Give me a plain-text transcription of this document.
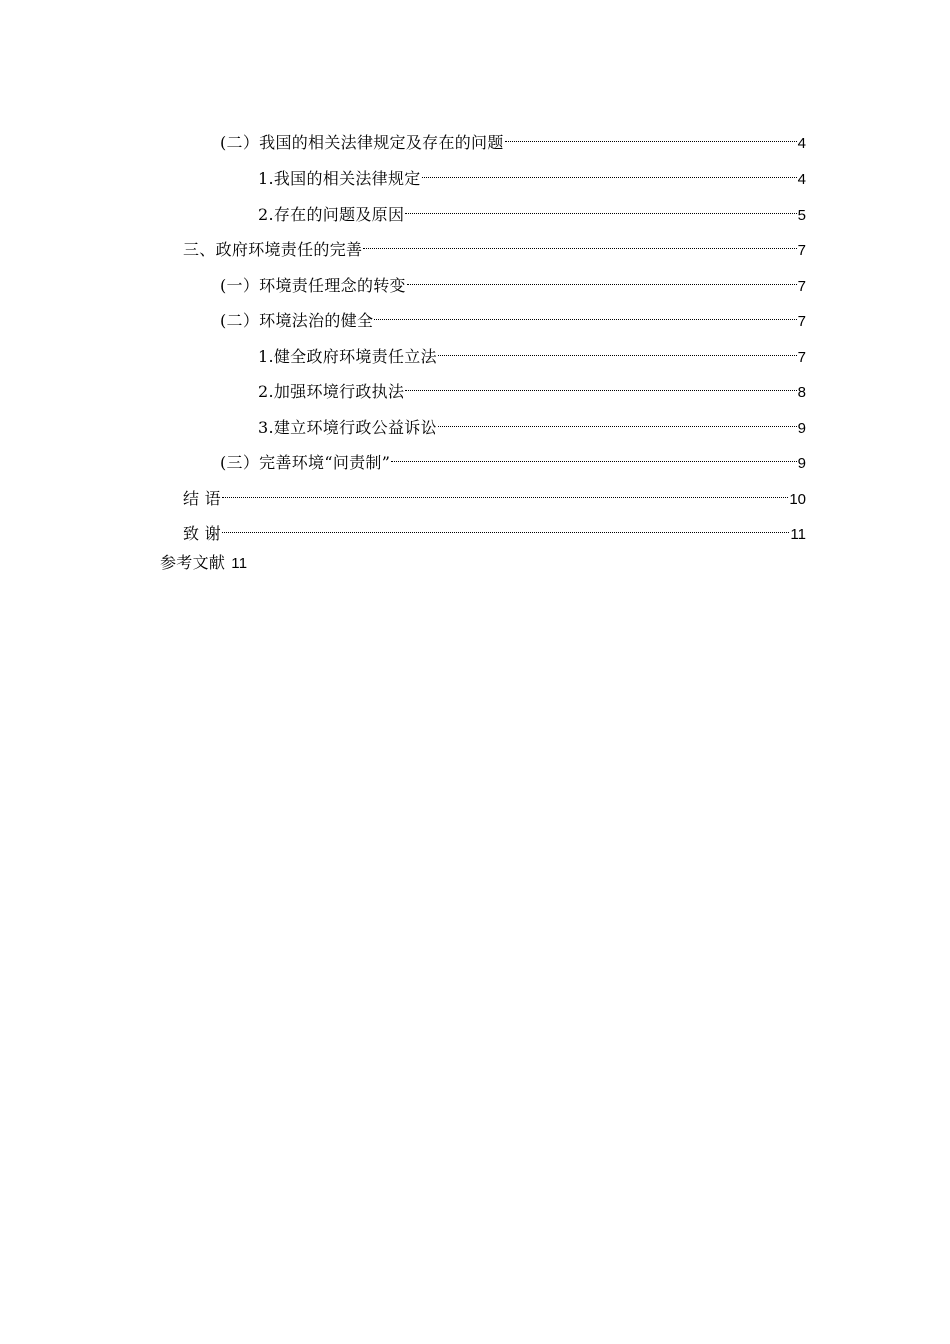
(二）我国的相关法律规定及存在的问题	4
1.我国的相关法律规定	4
2.存在的问题及原因	5
三、政府环境责任的完善	7
(一）环境责任理念的转变	7
(二）环境法治的健全	7
1.健全政府环境责任立法	7
2.加强环境行政执法	8
3.建立环境行政公益诉讼	9
(三）完善环境“问责制”	9
结 语	10
致 谢	11
参考文献 11
